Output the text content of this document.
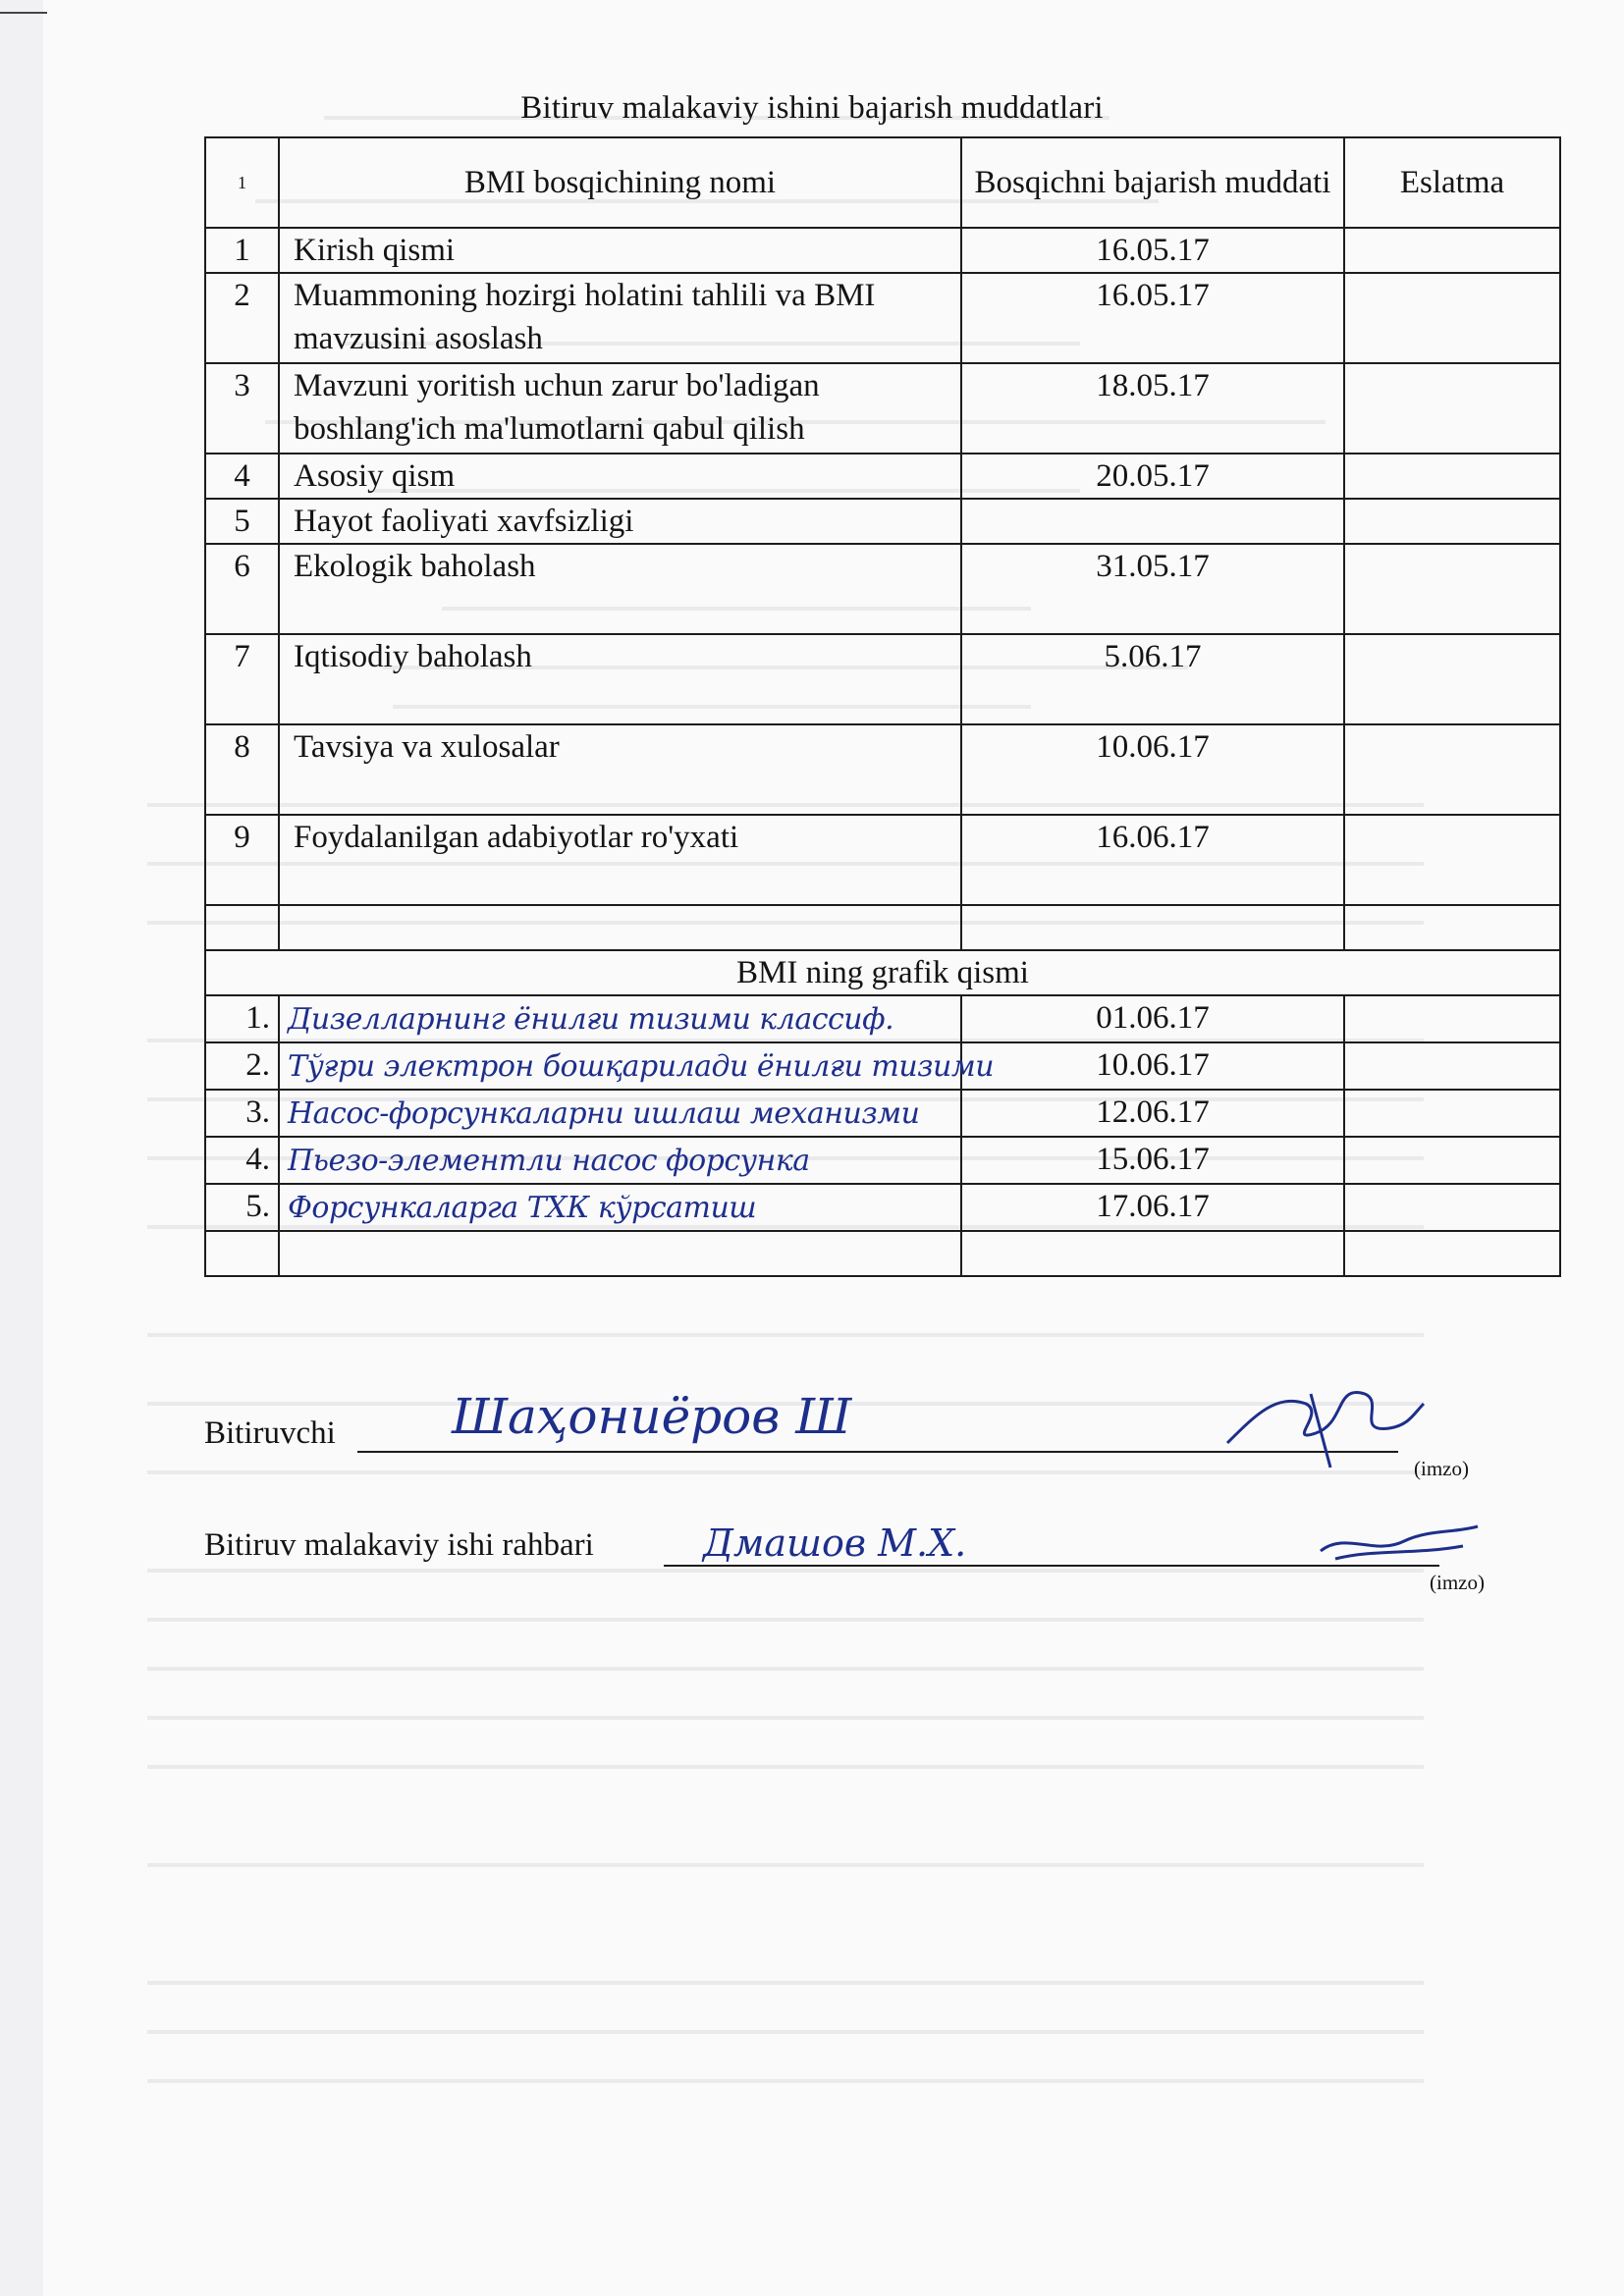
Bitiruv malakaviy ishini bajarish muddatlari
1	BMI bosqichining nomi	Bosqichni bajarish muddati	Eslatma
1	Kirish qismi	16.05.17	
2	Muammoning hozirgi holatini tahlili va BMI mavzusini asoslash	16.05.17	
3	Mavzuni yoritish uchun zarur bo'ladigan boshlang'ich ma'lumotlarni qabul qilish	18.05.17	
4	Asosiy qism	20.05.17	
5	Hayot faoliyati xavfsizligi		
6	Ekologik baholash	31.05.17	
7	Iqtisodiy baholash	5.06.17	
8	Tavsiya va xulosalar	10.06.17	
9	Foydalanilgan adabiyotlar ro'yxati	16.06.17	

BMI ning grafik qismi			
1.	Дизелларнинг ёнилғи тизими классиф.	01.06.17	
2.	Тўғри электрон бошқарилади ёнилғи тизими	10.06.17	
3.	Насос-форсункаларни ишлаш механизми	12.06.17	
4.	Пьезо-элементли насос форсунка	15.06.17	
5.	Форсункаларга ТХК кўрсатиш	17.06.17	

Bitiruvchi Шаҳониёров Ш
(imzo)
Bitiruv malakaviy ishi rahbari	Дмашов М.Х.
(imzo)
